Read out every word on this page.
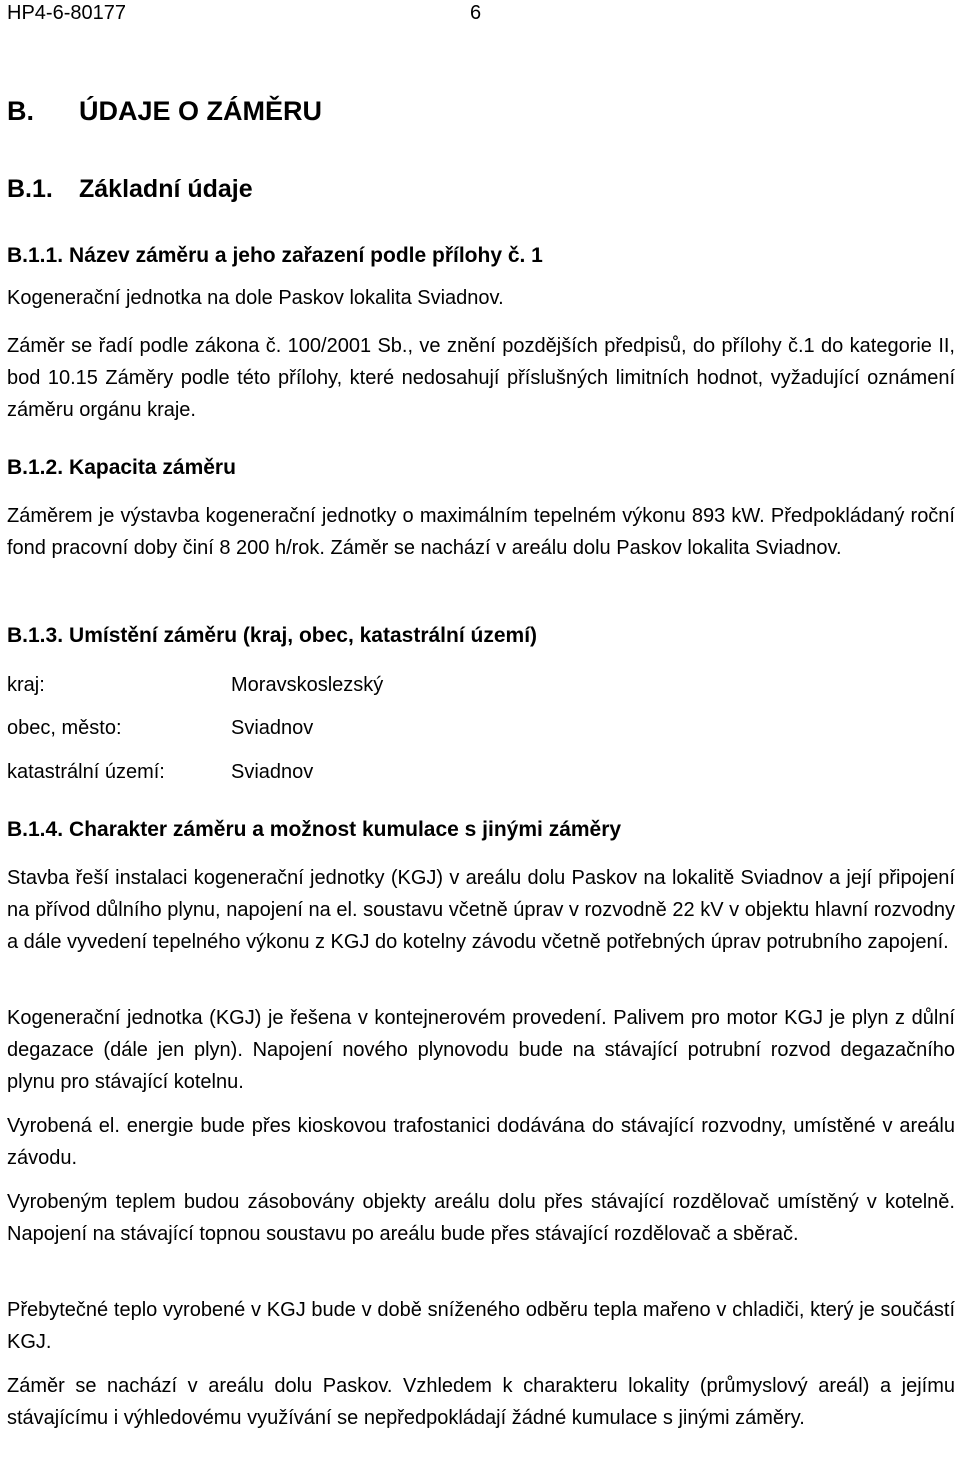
HP4-6-80177	6
B. ÚDAJE O ZÁMĚRU
B.1. Základní údaje
B.1.1. Název záměru a jeho zařazení podle přílohy č. 1
Kogenerační jednotka na dole Paskov lokalita Sviadnov.
Záměr se řadí podle zákona č. 100/2001 Sb., ve znění pozdějších předpisů, do přílohy č.1 do kategorie II, bod 10.15 Záměry podle této přílohy, které nedosahují příslušných limitních hodnot, vyžadující oznámení záměru orgánu kraje.
B.1.2. Kapacita záměru
Záměrem je výstavba kogenerační jednotky o maximálním tepelném výkonu 893 kW. Předpokládaný roční fond pracovní doby činí 8 200 h/rok. Záměr se nachází v areálu dolu Paskov lokalita Sviadnov.
B.1.3. Umístění záměru (kraj, obec, katastrální území)
kraj:	Moravskoslezský
obec, město:	Sviadnov
katastrální území:	Sviadnov
B.1.4. Charakter záměru a možnost kumulace s jinými záměry
Stavba řeší instalaci kogenerační jednotky (KGJ) v areálu dolu Paskov na lokalitě Sviadnov a její připojení na přívod důlního plynu, napojení na el. soustavu včetně úprav v rozvodně 22 kV v objektu hlavní rozvodny a dále vyvedení tepelného výkonu z KGJ do kotelny závodu včetně potřebných úprav potrubního zapojení.
Kogenerační jednotka (KGJ) je řešena v kontejnerovém provedení. Palivem pro motor KGJ je plyn z důlní degazace (dále jen plyn). Napojení nového plynovodu bude na stávající potrubní rozvod degazačního plynu pro stávající kotelnu.
Vyrobená el. energie bude přes kioskovou trafostanici dodávána do stávající rozvodny, umístěné v areálu závodu.
Vyrobeným teplem budou zásobovány objekty areálu dolu přes stávající rozdělovač umístěný v kotelně. Napojení na stávající topnou soustavu po areálu bude přes stávající rozdělovač a sběrač.
Přebytečné teplo vyrobené v KGJ bude v době sníženého odběru tepla mařeno v chladiči, který je součástí KGJ.
Záměr se nachází v areálu dolu Paskov. Vzhledem k charakteru lokality (průmyslový areál) a jejímu stávajícímu i výhledovému využívání se nepředpokládají žádné kumulace s jinými záměry.
